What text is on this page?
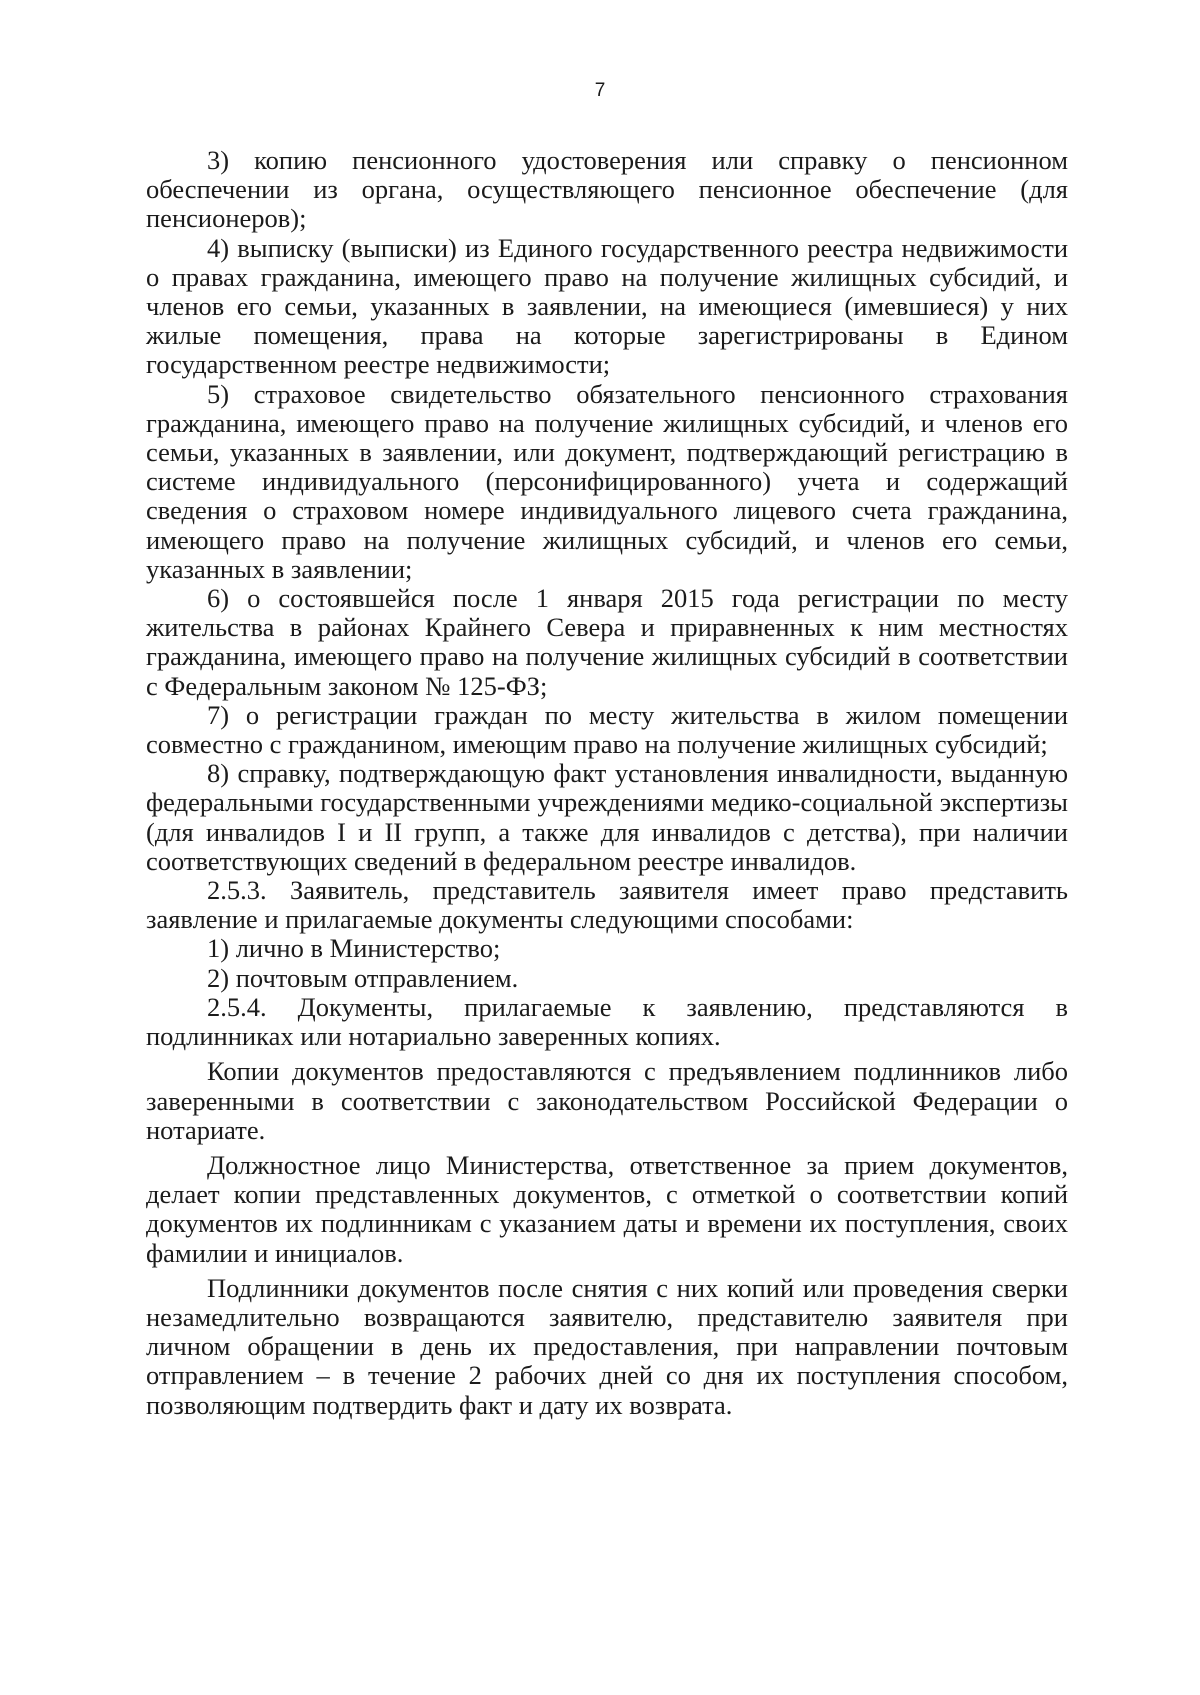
7

3) копию пенсионного удостоверения или справку о пенсионном обеспечении из органа, осуществляющего пенсионное обеспечение (для пенсионеров);

4) выписку (выписки) из Единого государственного реестра недвижимости о правах гражданина, имеющего право на получение жилищных субсидий, и членов его семьи, указанных в заявлении, на имеющиеся (имевшиеся) у них жилые помещения, права на которые зарегистрированы в Едином государственном реестре недвижимости;

5) страховое свидетельство обязательного пенсионного страхования гражданина, имеющего право на получение жилищных субсидий, и членов его семьи, указанных в заявлении, или документ, подтверждающий регистрацию в системе индивидуального (персонифицированного) учета и содержащий сведения о страховом номере индивидуального лицевого счета гражданина, имеющего право на получение жилищных субсидий, и членов его семьи, указанных в заявлении;

6) о состоявшейся после 1 января 2015 года регистрации по месту жительства в районах Крайнего Севера и приравненных к ним местностях гражданина, имеющего право на получение жилищных субсидий в соответствии с Федеральным законом № 125-ФЗ;

7) о регистрации граждан по месту жительства в жилом помещении совместно с гражданином, имеющим право на получение жилищных субсидий;

8) справку, подтверждающую факт установления инвалидности, выданную федеральными государственными учреждениями медико-социальной экспертизы (для инвалидов I и II групп, а также для инвалидов с детства), при наличии соответствующих сведений в федеральном реестре инвалидов.

2.5.3. Заявитель, представитель заявителя имеет право представить заявление и прилагаемые документы следующими способами:

1) лично в Министерство;

2) почтовым отправлением.

2.5.4. Документы, прилагаемые к заявлению, представляются в подлинниках или нотариально заверенных копиях.

Копии документов предоставляются с предъявлением подлинников либо заверенными в соответствии с законодательством Российской Федерации о нотариате.

Должностное лицо Министерства, ответственное за прием документов, делает копии представленных документов, с отметкой о соответствии копий документов их подлинникам с указанием даты и времени их поступления, своих фамилии и инициалов.

Подлинники документов после снятия с них копий или проведения сверки незамедлительно возвращаются заявителю, представителю заявителя при личном обращении в день их предоставления, при направлении почтовым отправлением – в течение 2 рабочих дней со дня их поступления способом, позволяющим подтвердить факт и дату их возврата.
